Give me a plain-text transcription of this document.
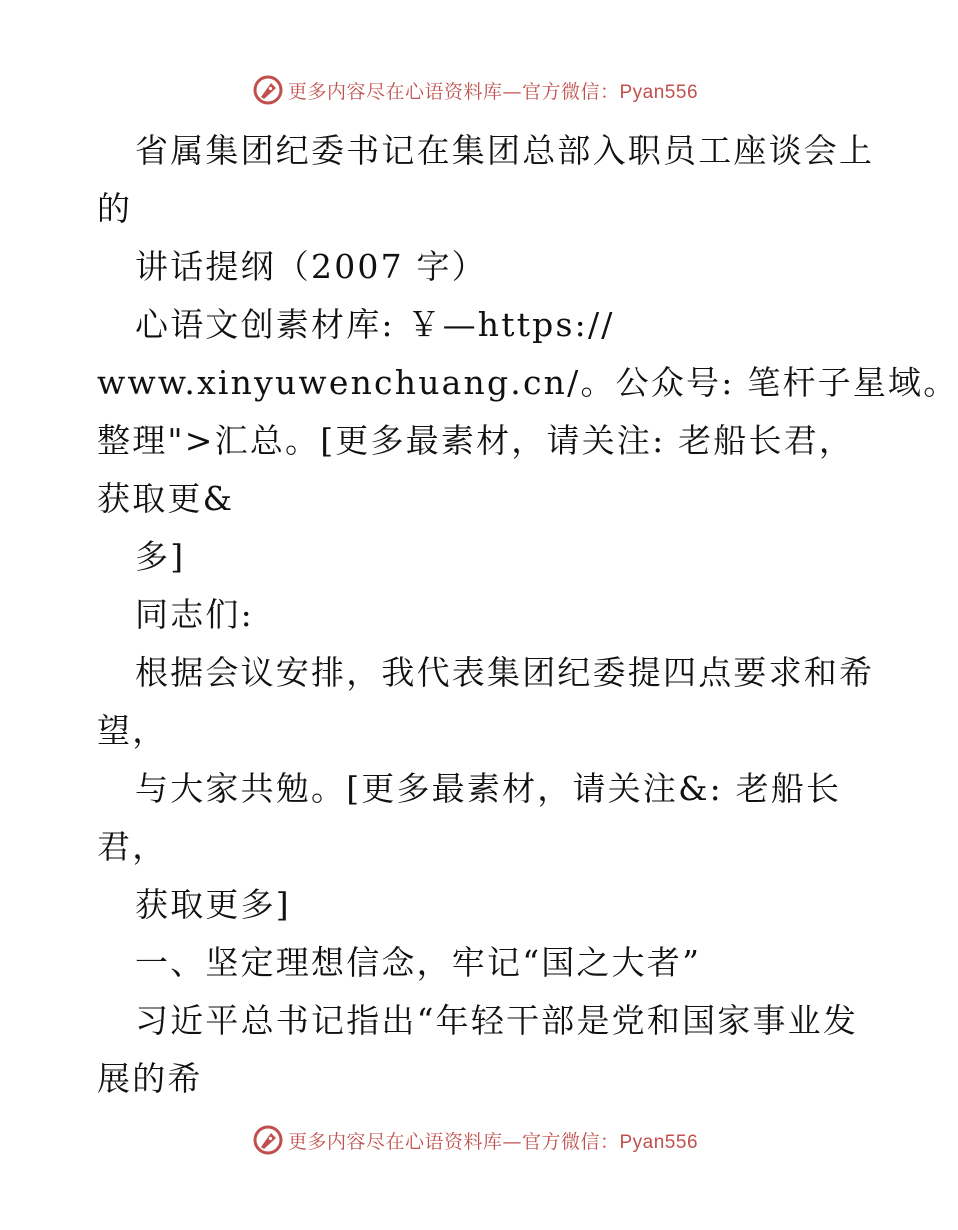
更多内容尽在心语资料库—官方微信：Pyan556
省属集团纪委书记在集团总部入职员工座谈会上
的
讲话提纲（2007 字）
心语文创素材库: ￥—https://
www.xinyuwenchuang.cn/。公众号: 笔杆子星域。
整理">汇总。[更多最素材，请关注: 老船长君，
获取更&
多]
同志们:
根据会议安排，我代表集团纪委提四点要求和希
望，
与大家共勉。[更多最素材，请关注&: 老船长
君，
获取更多]
一、坚定理想信念，牢记“国之大者”
习近平总书记指出“年轻干部是党和国家事业发
展的希
更多内容尽在心语资料库—官方微信：Pyan556
